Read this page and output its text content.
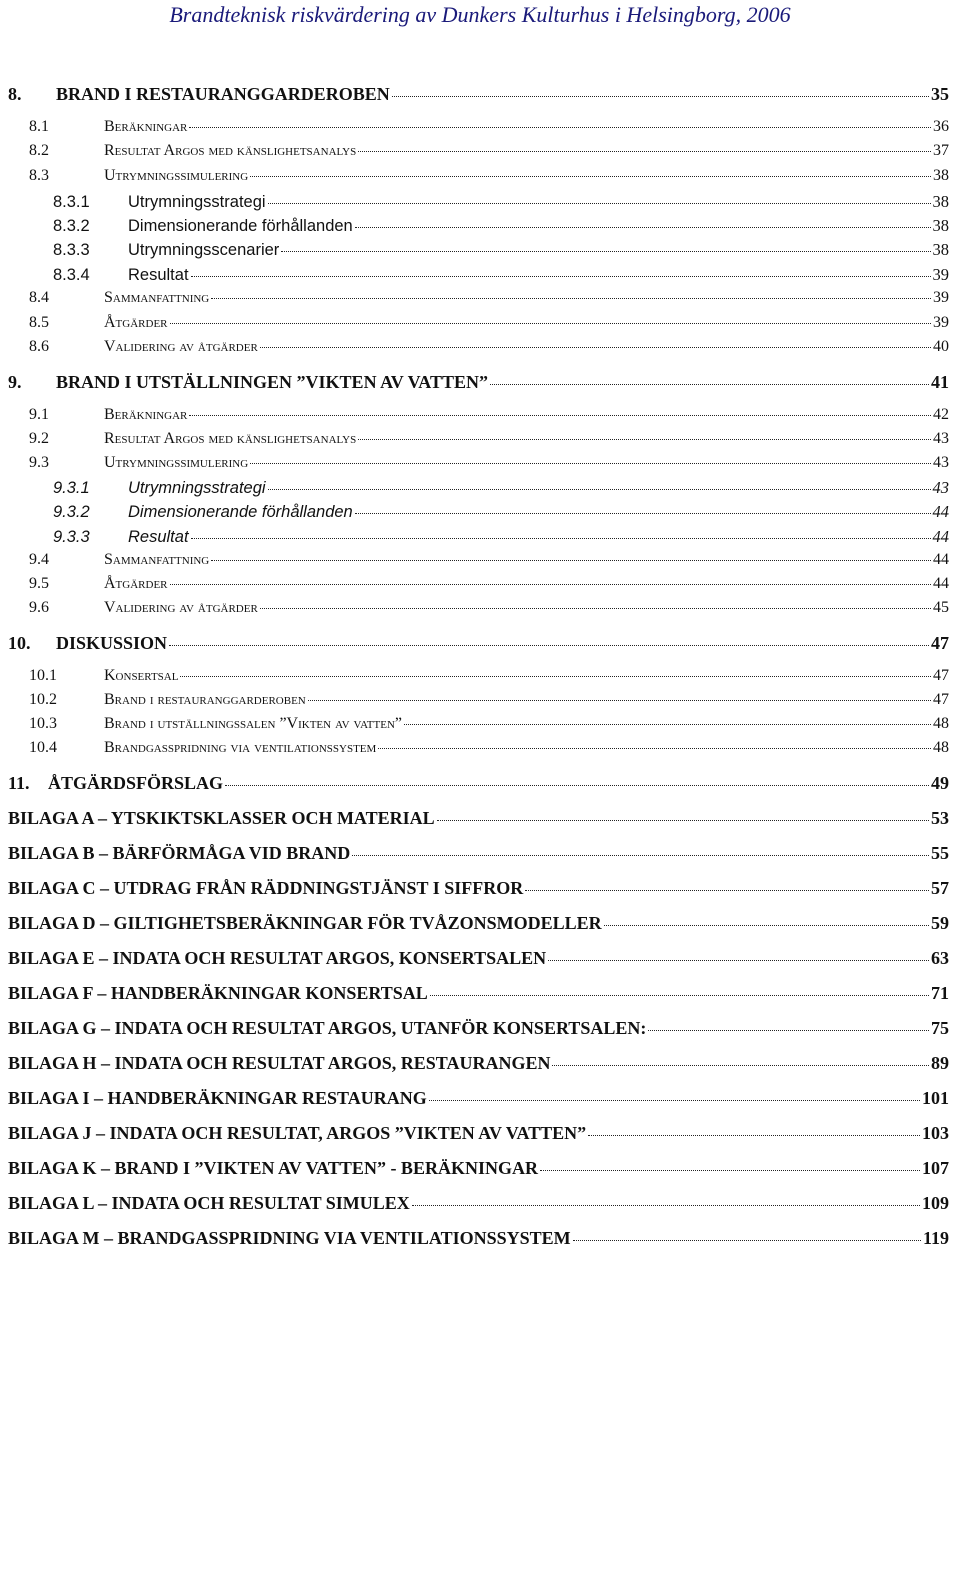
Brandteknisk riskvärdering av Dunkers Kulturhus i Helsingborg, 2006
8.	BRAND I RESTAURANGGARDEROBEN	35
8.1	Beräkningar	36
8.2	Resultat Argos med känslighetsanalys	37
8.3	Utrymningssimulering	38
8.3.1	Utrymningsstrategi	38
8.3.2	Dimensionerande förhållanden	38
8.3.3	Utrymningsscenarier	38
8.3.4	Resultat	39
8.4	Sammanfattning	39
8.5	Åtgärder	39
8.6	Validering av åtgärder	40
9.	BRAND I UTSTÄLLNINGEN ”VIKTEN AV VATTEN”	41
9.1	Beräkningar	42
9.2	Resultat Argos med känslighetsanalys	43
9.3	Utrymningssimulering	43
9.3.1	Utrymningsstrategi	43
9.3.2	Dimensionerande förhållanden	44
9.3.3	Resultat	44
9.4	Sammanfattning	44
9.5	Åtgärder	44
9.6	Validering av åtgärder	45
10.	DISKUSSION	47
10.1	Konsertsal	47
10.2	Brand i restauranggarderoben	47
10.3	Brand i utställningssalen ”Vikten av vatten”	48
10.4	Brandgasspridning via ventilationssystem	48
11.	ÅTGÄRDSFÖRSLAG	49
BILAGA A – YTSKIKTSKLASSER OCH MATERIAL	53
BILAGA B – BÄRFÖRMÅGA VID BRAND	55
BILAGA C – UTDRAG FRÅN RÄDDNINGSTJÄNST I SIFFROR	57
BILAGA D – GILTIGHETSBERÄKNINGAR FÖR TVÅZONSMODELLER	59
BILAGA E – INDATA OCH RESULTAT ARGOS, KONSERTSALEN	63
BILAGA F – HANDBERÄKNINGAR KONSERTSAL	71
BILAGA G – INDATA OCH RESULTAT ARGOS, UTANFÖR KONSERTSALEN:	75
BILAGA H – INDATA OCH RESULTAT ARGOS, RESTAURANGEN	89
BILAGA I – HANDBERÄKNINGAR RESTAURANG	101
BILAGA J – INDATA OCH RESULTAT, ARGOS ”VIKTEN AV VATTEN”	103
BILAGA K – BRAND I ”VIKTEN AV VATTEN” - BERÄKNINGAR	107
BILAGA L – INDATA OCH RESULTAT SIMULEX	109
BILAGA M – BRANDGASSPRIDNING VIA VENTILATIONSSYSTEM	119
